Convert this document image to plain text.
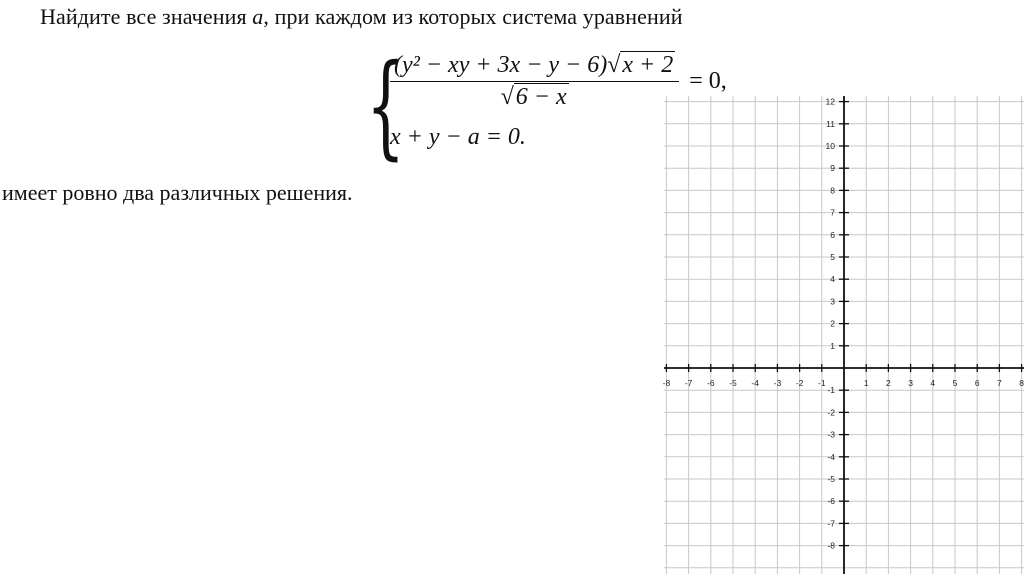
Найдите все значения a, при каждом из которых система уравнений
{
$\frac{\text{(y² − xy + 3x − y − 6)√x + 2}}{√6 - x} = 0$,
x + y − a = 0.
имеет ровно два различных решения.
-8 -7 -6 -5 -4 -3 -2 -1	1 2 3 4 5 6 7 8
12
11
10
9
8
7
6
5
4
3
2
1
-1
-2
-3
-4
-5
-6
-7
-8
